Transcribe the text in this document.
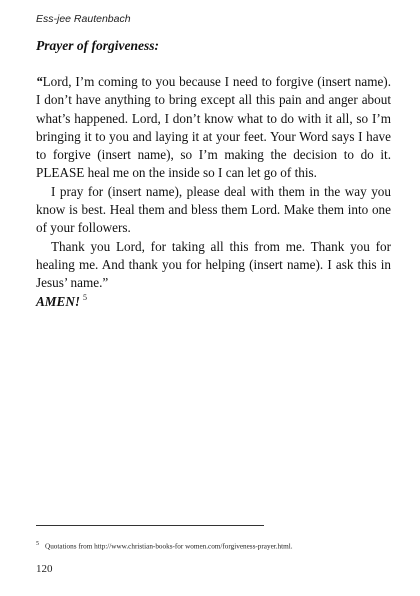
Ess-jee Rautenbach
Prayer of forgiveness:

“Lord, I’m coming to you because I need to forgive (insert name). I don’t have anything to bring except all this pain and anger about what’s happened. Lord, I don’t know what to do with it all, so I’m bringing it to you and laying it at your feet. Your Word says I have to forgive (insert name), so I’m making the decision to do it. PLEASE heal me on the inside so I can let go of this.

I pray for (insert name), please deal with them in the way you know is best. Heal them and bless them Lord. Make them into one of your followers.

Thank you Lord, for taking all this from me. Thank you for healing me. And thank you for helping (insert name). I ask this in Jesus’ name.”

AMEN! $^5$

$^5$ Quotations from http://www.christian-books-for women.com/forgiveness-prayer.html.
120
